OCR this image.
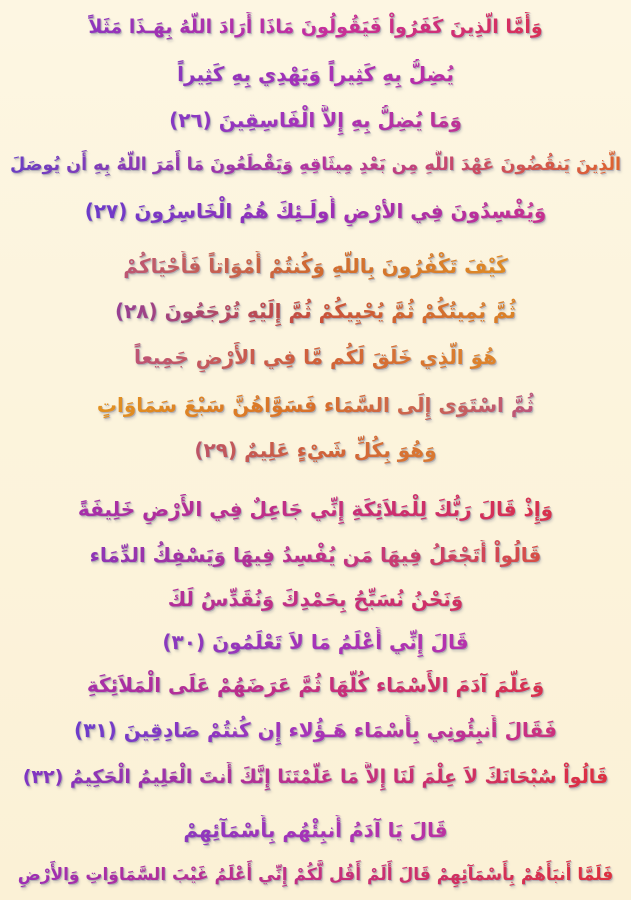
وَأَمَّا الَّذِينَ كَفَرُواْ فَيَقُولُونَ مَاذَا أَرَادَ اللّهُ بِهَـذَا مَثَلاً
يُضِلُّ بِهِ كَثِيراً وَيَهْدِي بِهِ كَثِيراً
وَمَا يُضِلُّ بِهِ إِلاَّ الْفَاسِقِينَ (٢٦)
الَّذِينَ يَنقُضُونَ عَهْدَ اللَّهِ مِن بَعْدِ مِيثَاقِهِ وَيَقْطَعُونَ مَا أَمَرَ اللّهُ بِهِ أَن يُوصَلَ
وَيُفْسِدُونَ فِي الأرْضِ أُولَـئِكَ هُمُ الْخَاسِرُونَ (٢٧)
كَيْفَ تَكْفُرُونَ بِاللَّهِ وَكُنتُمْ أَمْوَاتاً فَأَحْيَاكُمْ
ثُمَّ يُمِيتُكُمْ ثُمَّ يُحْيِيكُمْ ثُمَّ إِلَيْهِ تُرْجَعُونَ (٢٨)
هُوَ الَّذِي خَلَقَ لَكُم مَّا فِي الأَرْضِ جَمِيعاً
ثُمَّ اسْتَوَى إِلَى السَّمَاء فَسَوَّاهُنَّ سَبْعَ سَمَاوَاتٍ
وَهُوَ بِكُلِّ شَيْءٍ عَلِيمٌ (٢٩)
وَإِذْ قَالَ رَبُّكَ لِلْمَلاَئِكَةِ إِنِّي جَاعِلٌ فِي الأَرْضِ خَلِيفَةً
قَالُواْ أَتَجْعَلُ فِيهَا مَن يُفْسِدُ فِيهَا وَيَسْفِكُ الدِّمَاء
وَنَحْنُ نُسَبِّحُ بِحَمْدِكَ وَنُقَدِّسُ لَكَ
قَالَ إِنِّي أَعْلَمُ مَا لاَ تَعْلَمُونَ (٣٠)
وَعَلَّمَ آدَمَ الأَسْمَاء كُلَّهَا ثُمَّ عَرَضَهُمْ عَلَى الْمَلاَئِكَةِ
فَقَالَ أَنبِئُونِي بِأَسْمَاء هَـؤُلاء إِن كُنتُمْ صَادِقِينَ (٣١)
قَالُواْ سُبْحَانَكَ لاَ عِلْمَ لَنَا إِلاَّ مَا عَلَّمْتَنَا إِنَّكَ أَنتَ الْعَلِيمُ الْحَكِيمُ (٣٢)
قَالَ يَا آدَمُ أَنبِئْهُم بِأَسْمَآئِهِمْ
فَلَمَّا أَنبَأَهُمْ بِأَسْمَآئِهِمْ قَالَ أَلَمْ أَقُل لَّكُمْ إِنِّي أَعْلَمُ غَيْبَ السَّمَاوَاتِ وَالأَرْضِ
